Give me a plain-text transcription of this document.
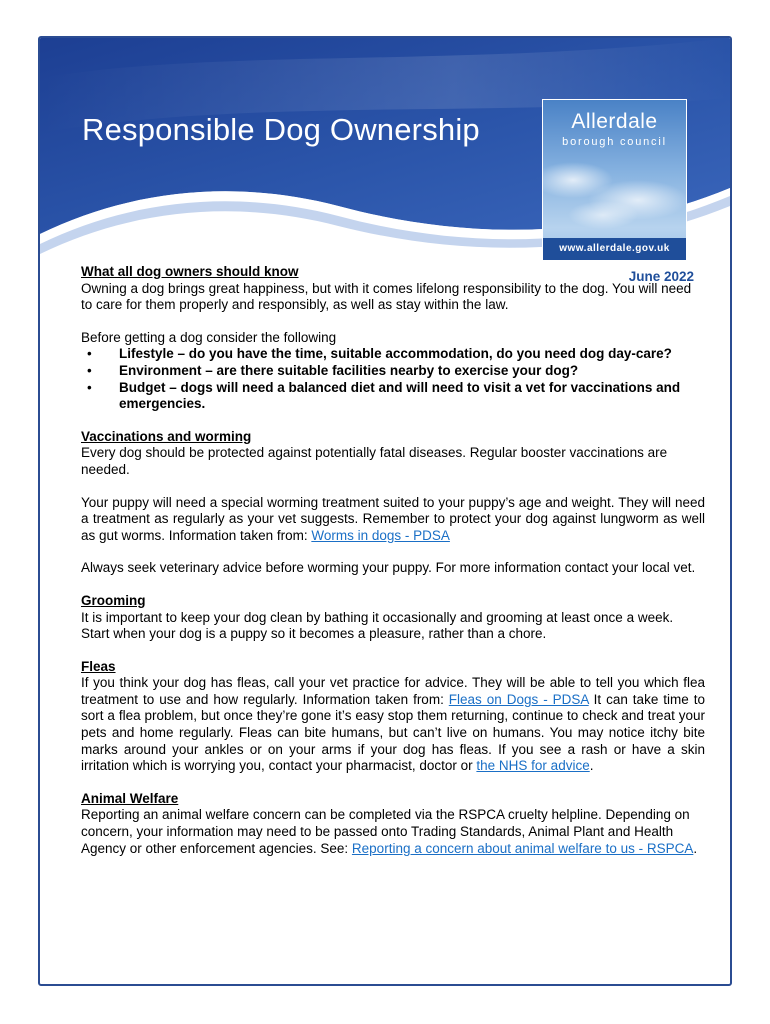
Responsible Dog Ownership	Allerdale
borough council
www.allerdale.gov.uk
June 2022

What all dog owners should know

Owning a dog brings great happiness, but with it comes lifelong responsibility to the dog. You will need to care for them properly and responsibly, as well as stay within the law.

Before getting a dog consider the following

• Lifestyle – do you have the time, suitable accommodation, do you need dog day-care?
• Environment – are there suitable facilities nearby to exercise your dog?
• Budget – dogs will need a balanced diet and will need to visit a vet for vaccinations and emergencies.

Vaccinations and worming

Every dog should be protected against potentially fatal diseases. Regular booster vaccinations are needed.

Your puppy will need a special worming treatment suited to your puppy’s age and weight. They will need a treatment as regularly as your vet suggests. Remember to protect your dog against lungworm as well as gut worms. Information taken from: Worms in dogs - PDSA

Always seek veterinary advice before worming your puppy. For more information contact your local vet.

Grooming

It is important to keep your dog clean by bathing it occasionally and grooming at least once a week. Start when your dog is a puppy so it becomes a pleasure, rather than a chore.

Fleas

If you think your dog has fleas, call your vet practice for advice. They will be able to tell you which flea treatment to use and how regularly. Information taken from: Fleas on Dogs - PDSA It can take time to sort a flea problem, but once they’re gone it’s easy stop them returning, continue to check and treat your pets and home regularly. Fleas can bite humans, but can’t live on humans. You may notice itchy bite marks around your ankles or on your arms if your dog has fleas. If you see a rash or have a skin irritation which is worrying you, contact your pharmacist, doctor or the NHS for advice.

Animal Welfare

Reporting an animal welfare concern can be completed via the RSPCA cruelty helpline. Depending on concern, your information may need to be passed onto Trading Standards, Animal Plant and Health Agency or other enforcement agencies. See: Reporting a concern about animal welfare to us - RSPCA.
